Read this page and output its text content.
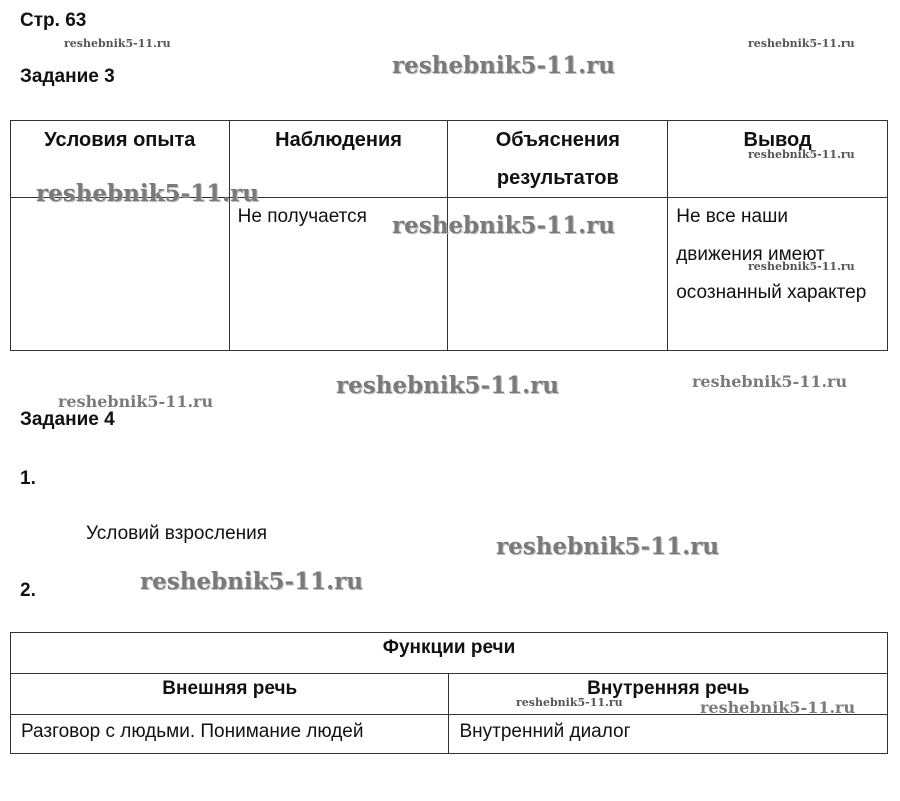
Стр. 63
Задание 3
Условия опыта	Наблюдения	Объяснения результатов	Вывод
	Не получается		Не все наши движения имеют осознанный характер
Задание 4
1.
Условий взросления
2.
Функции речи	
Внешняя речь	Внутренняя речь
Разговор с людьми. Понимание людей	Внутренний диалог
reshebnik5-11.ru	reshebnik5-11.ru
reshebnik5-11.ru
reshebnik5-11.ru
reshebnik5-11.ru
reshebnik5-11.ru
reshebnik5-11.ru
reshebnik5-11.ru	reshebnik5-11.ru
reshebnik5-11.ru
reshebnik5-11.ru
reshebnik5-11.ru
reshebnik5-11.ru	reshebnik5-11.ru
